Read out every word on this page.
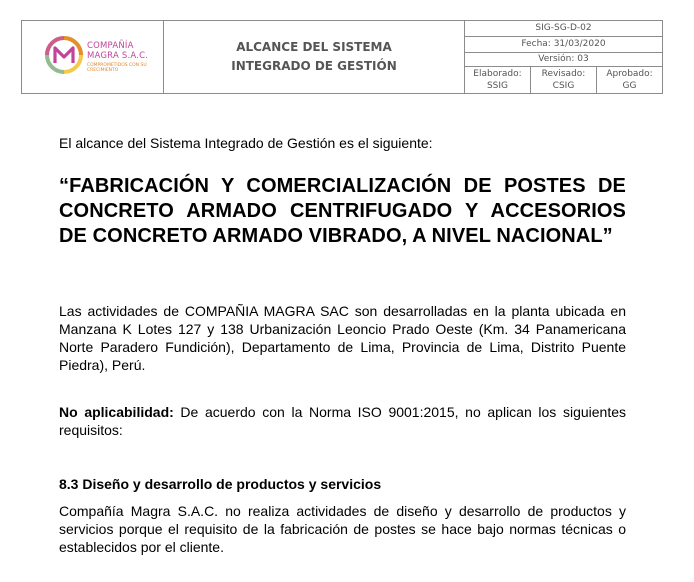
COMPAÑÍA
MAGRA S.A.C.
COMPROMETIDOS CON SU CRECIMIENTO
ALCANCE DEL SISTEMA INTEGRADO DE GESTIÓN
SIG-SG-D-02
Fecha: 31/03/2020
Versión: 03
Elaborado:
SSIG
Revisado:
CSIG
Aprobado:
GG
El alcance del Sistema Integrado de Gestión es el siguiente:
“FABRICACIÓN Y COMERCIALIZACIÓN DE POSTES DE CONCRETO ARMADO CENTRIFUGADO Y ACCESORIOS DE CONCRETO ARMADO VIBRADO, A NIVEL NACIONAL”
Las actividades de COMPAÑIA MAGRA SAC son desarrolladas en la planta ubicada en Manzana K Lotes 127 y 138 Urbanización Leoncio Prado Oeste (Km. 34 Panamericana Norte Paradero Fundición), Departamento de Lima, Provincia de Lima, Distrito Puente Piedra), Perú.
No aplicabilidad: De acuerdo con la Norma ISO 9001:2015, no aplican los siguientes requisitos:
8.3 Diseño y desarrollo de productos y servicios
Compañía Magra S.A.C. no realiza actividades de diseño y desarrollo de productos y servicios porque el requisito de la fabricación de postes se hace bajo normas técnicas o establecidos por el cliente.
